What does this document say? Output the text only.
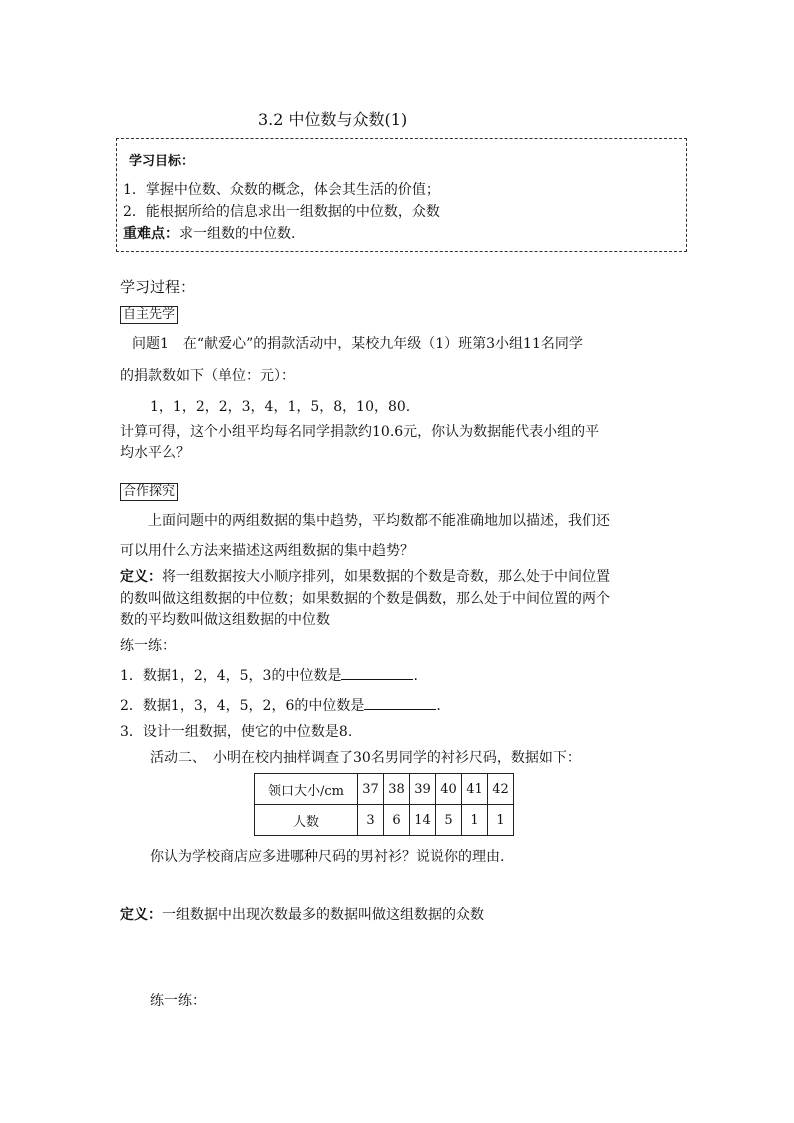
3.2 中位数与众数(1)
学习目标：
1．掌握中位数、众数的概念，体会其生活的价值；
2．能根据所给的信息求出一组数据的中位数，众数
重难点：求一组数的中位数.
学习过程：
自主先学
问题1　在“献爱心”的捐款活动中，某校九年级（1）班第3小组11名同学
的捐款数如下（单位：元）：
1，1，2，2，3，4，1，5，8，10，80.
计算可得，这个小组平均每名同学捐款约10.6元，你认为数据能代表小组的平
均水平么？
合作探究
上面问题中的两组数据的集中趋势，平均数都不能准确地加以描述，我们还
可以用什么方法来描述这两组数据的集中趋势？
定义：将一组数据按大小顺序排列，如果数据的个数是奇数，那么处于中间位置
的数叫做这组数据的中位数；如果数据的个数是偶数，那么处于中间位置的两个
数的平均数叫做这组数据的中位数
练一练：
1．数据1，2，4，5，3的中位数是	.
2．数据1，3，4，5，2，6的中位数是	.
3．设计一组数据，使它的中位数是8.
活动二、　小明在校内抽样调查了30名男同学的衬衫尺码，数据如下：
领口大小/cm	37	38	39	40	41	42
人数	3	6	14	5	1	1
你认为学校商店应多进哪种尺码的男衬衫？说说你的理由.
定义：一组数据中出现次数最多的数据叫做这组数据的众数
练一练：
